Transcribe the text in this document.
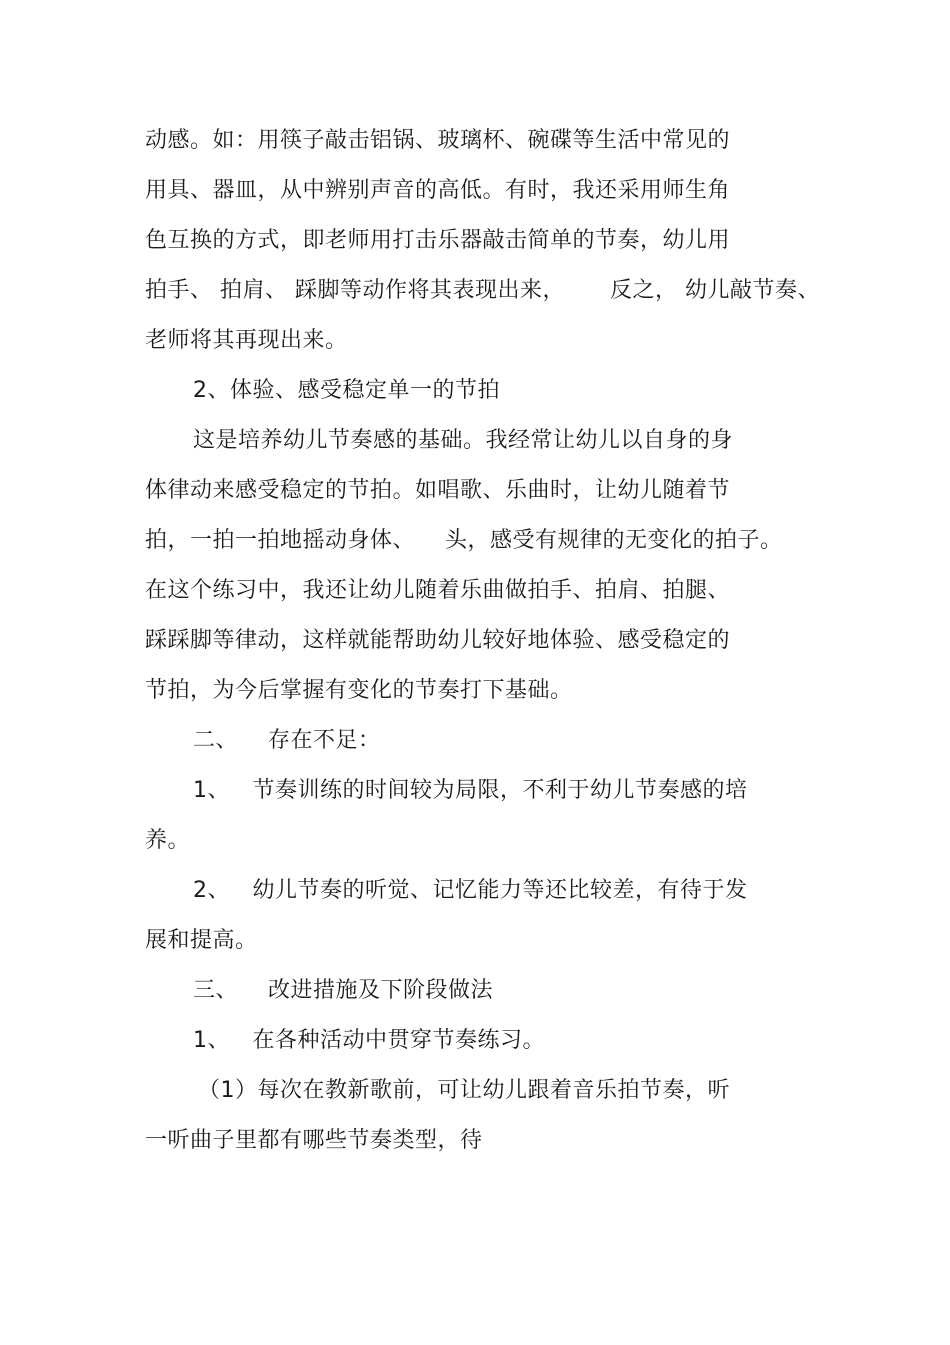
动感。如：用筷子敲击铝锅、玻璃杯、碗碟等生活中常见的
用具、器皿，从中辨别声音的高低。有时，我还采用师生角
色互换的方式，即老师用打击乐器敲击简单的节奏，幼儿用
拍手、 拍肩、 踩脚等动作将其表现出来，      反之， 幼儿敲节奏、
老师将其再现出来。
2、体验、感受稳定单一的节拍
这是培养幼儿节奏感的基础。我经常让幼儿以自身的身
体律动来感受稳定的节拍。如唱歌、乐曲时，让幼儿随着节
拍，一拍一拍地摇动身体、    头，感受有规律的无变化的拍子。
在这个练习中，我还让幼儿随着乐曲做拍手、拍肩、拍腿、
踩踩脚等律动，这样就能帮助幼儿较好地体验、感受稳定的
节拍，为今后掌握有变化的节奏打下基础。
二、    存在不足：
1、   节奏训练的时间较为局限，不利于幼儿节奏感的培
养。
2、   幼儿节奏的听觉、记忆能力等还比较差，有待于发
展和提高。
三、    改进措施及下阶段做法
1、   在各种活动中贯穿节奏练习。
（1）每次在教新歌前，可让幼儿跟着音乐拍节奏，听
一听曲子里都有哪些节奏类型，待
